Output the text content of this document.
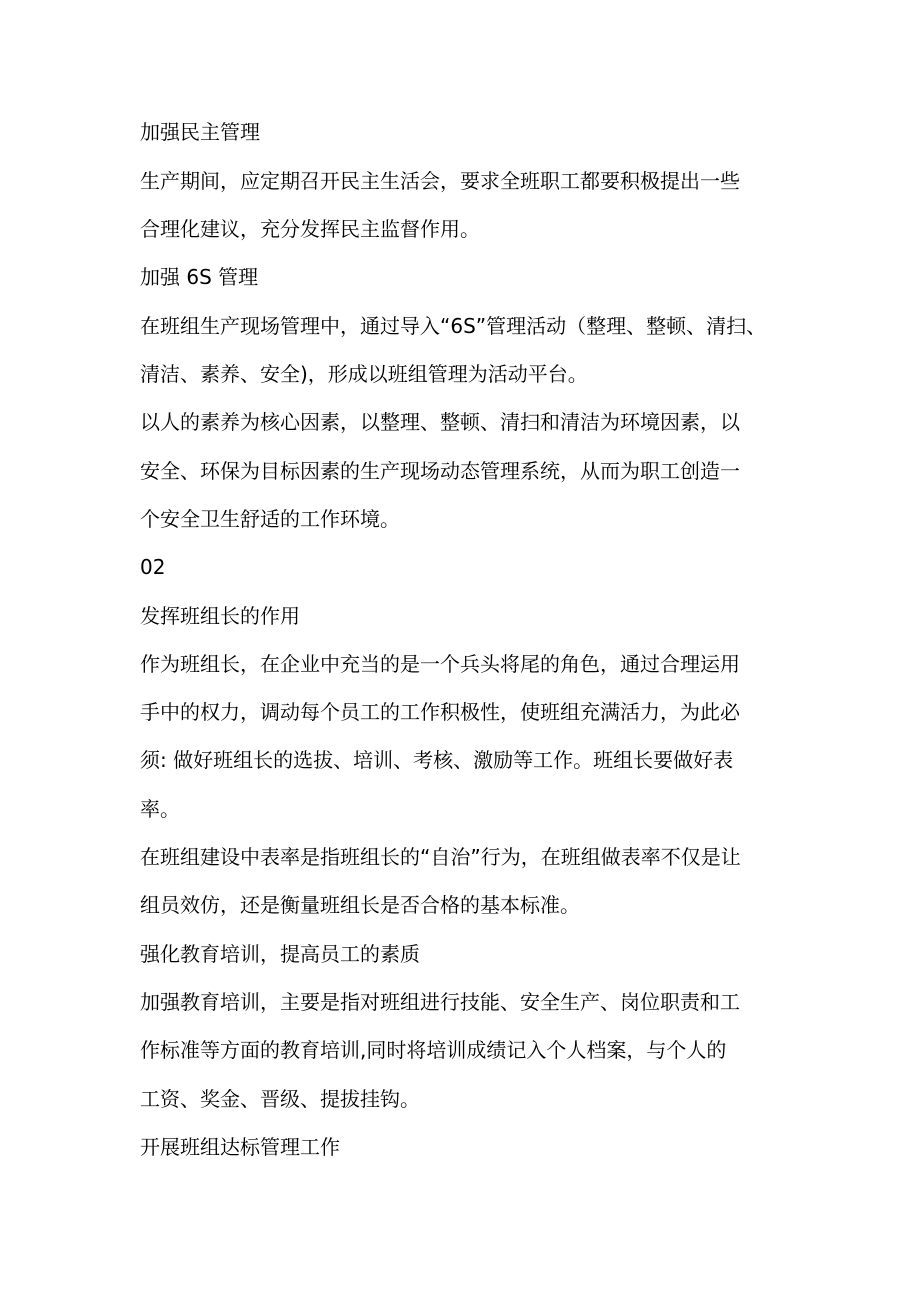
加强民主管理
生产期间，应定期召开民主生活会，要求全班职工都要积极提出一些
合理化建议，充分发挥民主监督作用。
加强 6S 管理
在班组生产现场管理中，通过导入“6S”管理活动（整理、整顿、清扫、
清洁、素养、安全)，形成以班组管理为活动平台。
以人的素养为核心因素，以整理、整顿、清扫和清洁为环境因素，以
安全、环保为目标因素的生产现场动态管理系统，从而为职工创造一
个安全卫生舒适的工作环境。
02
发挥班组长的作用
作为班组长，在企业中充当的是一个兵头将尾的角色，通过合理运用
手中的权力，调动每个员工的工作积极性，使班组充满活力，为此必
须: 做好班组长的选拔、培训、考核、激励等工作。班组长要做好表
率。
在班组建设中表率是指班组长的“自治”行为，在班组做表率不仅是让
组员效仿，还是衡量班组长是否合格的基本标准。
强化教育培训，提高员工的素质
加强教育培训，主要是指对班组进行技能、安全生产、岗位职责和工
作标准等方面的教育培训,同时将培训成绩记入个人档案，与个人的
工资、奖金、晋级、提拔挂钩。
开展班组达标管理工作
